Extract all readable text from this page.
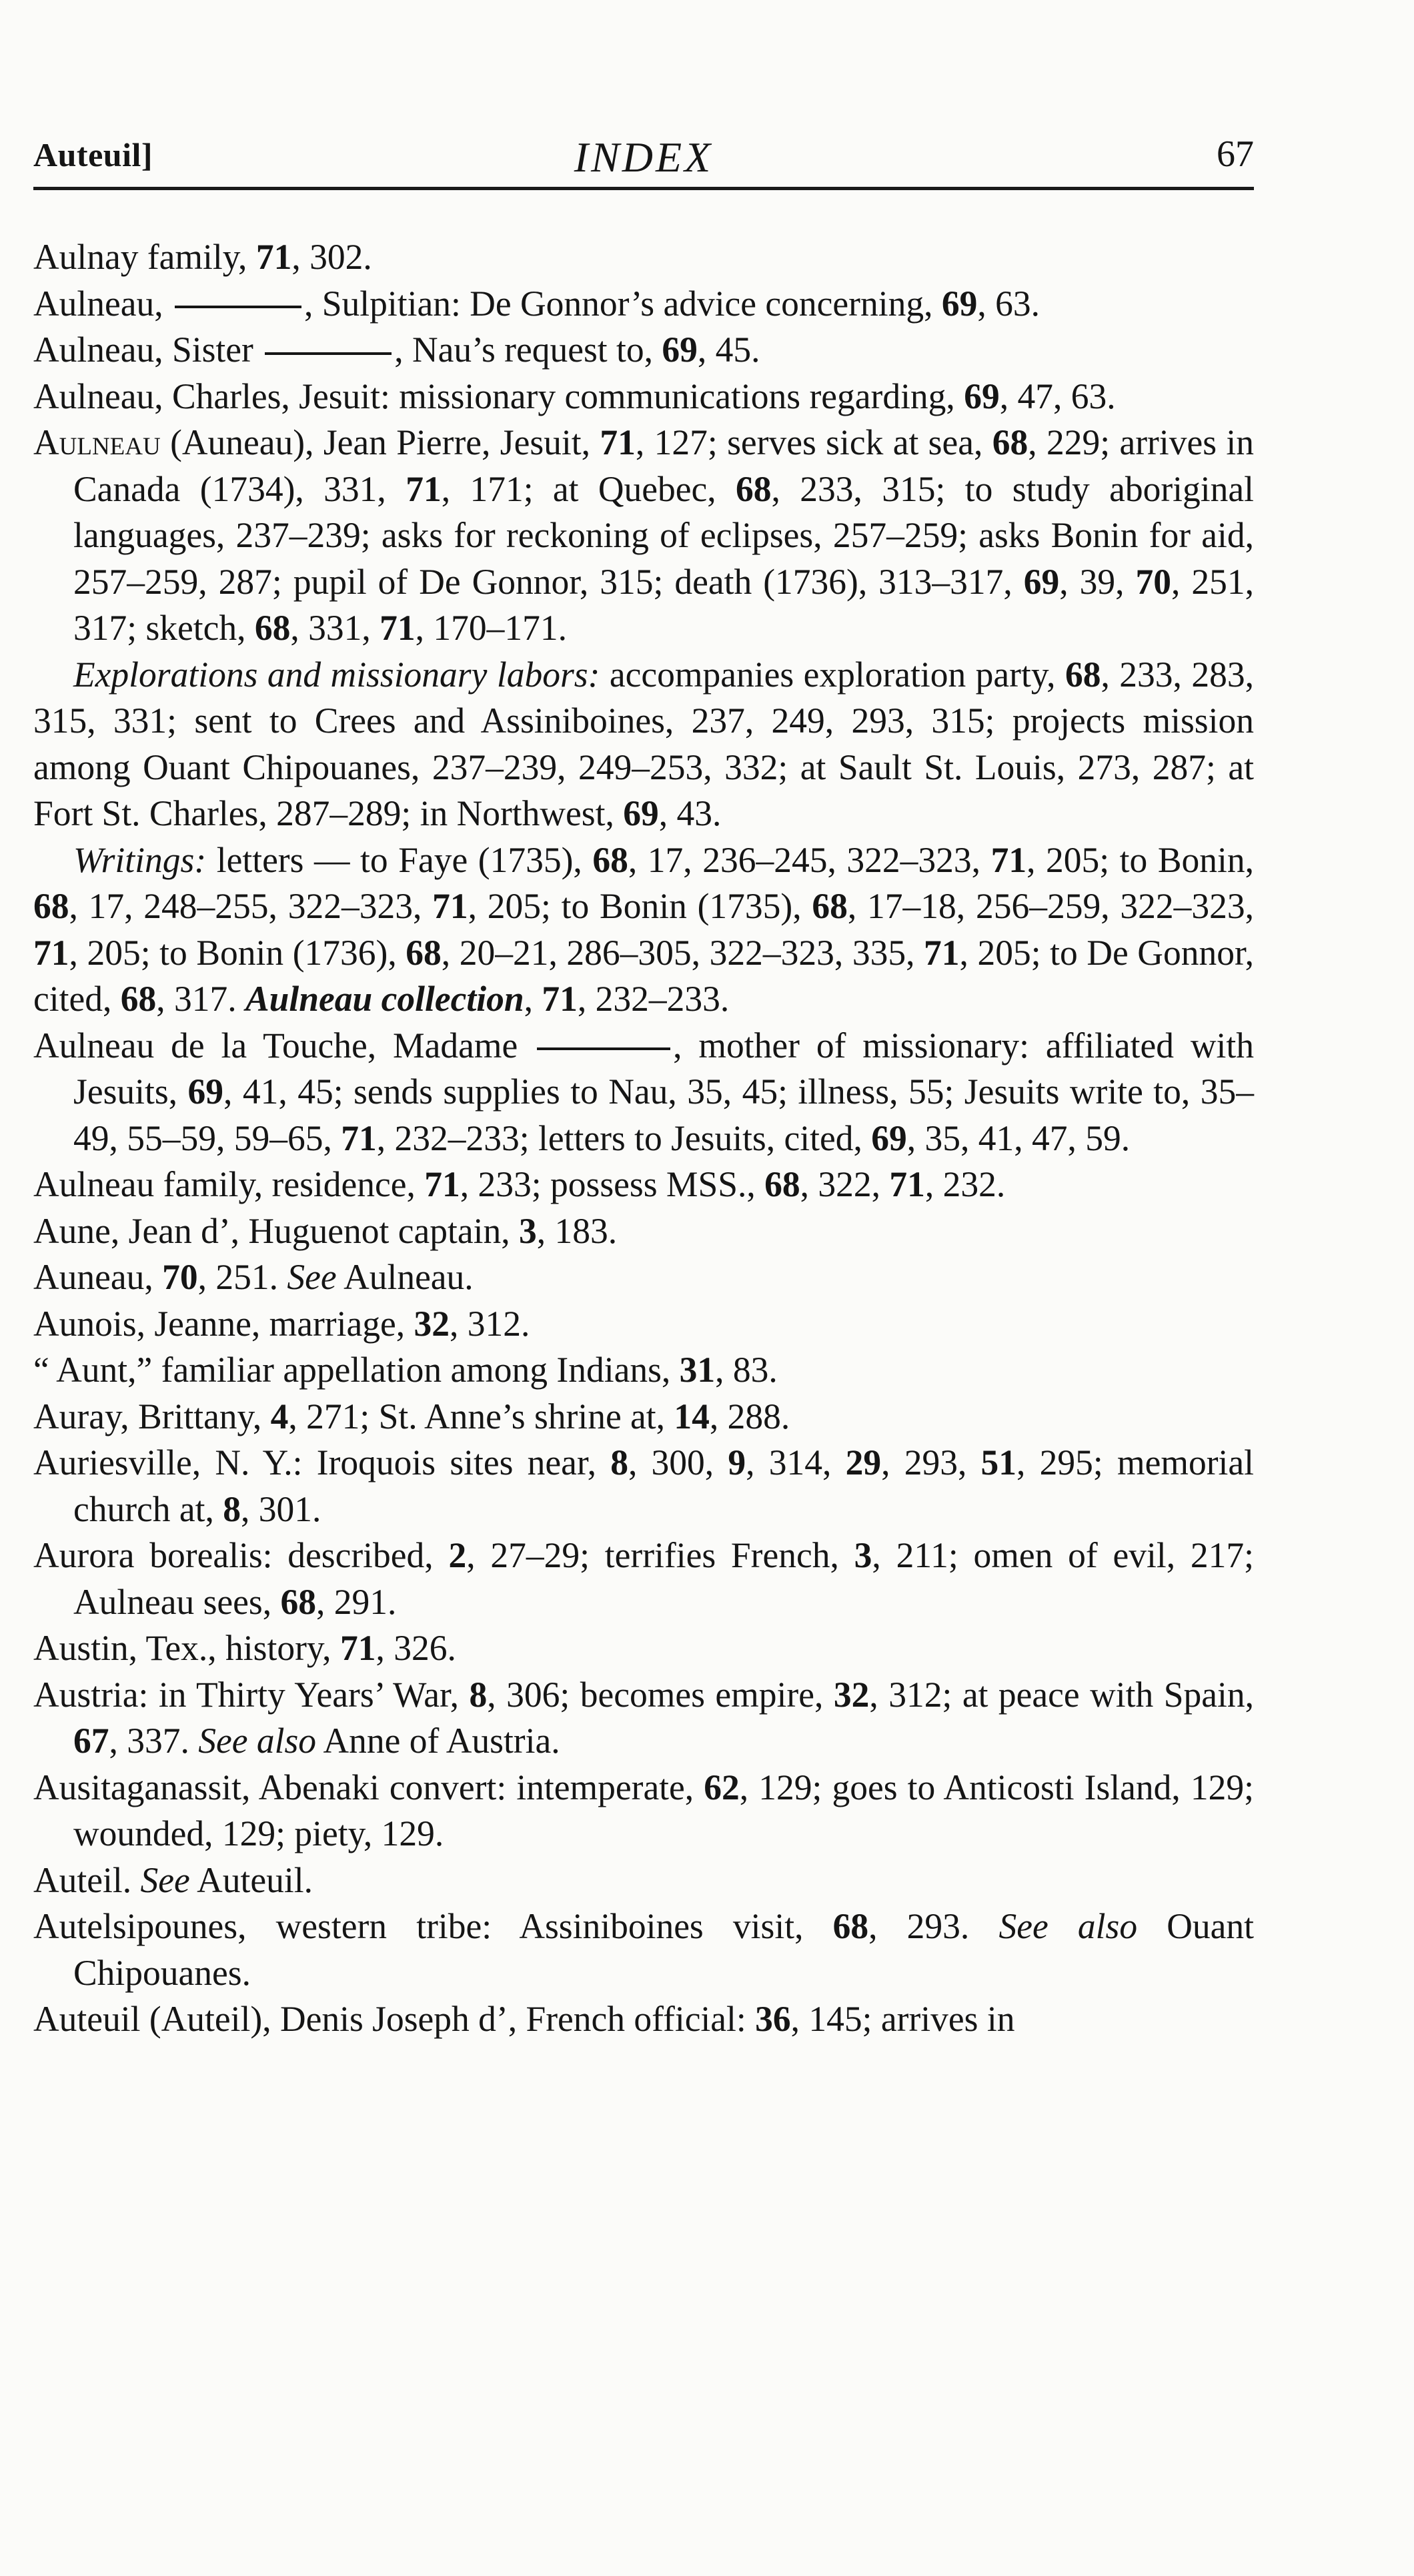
Auteuil]	INDEX	67

Aulnay family, 71, 302.

Aulneau,	, Sulpitian: De Gonnor’s advice concerning, 69, 63.

Aulneau, Sister	, Nau’s request to, 69, 45.

Aulneau, Charles, Jesuit: missionary communications regarding, 69, 47, 63.

Aulneau (Auneau), Jean Pierre, Jesuit, 71, 127; serves sick at sea, 68, 229; arrives in Canada (1734), 331, 71, 171; at Quebec, 68, 233, 315; to study aboriginal languages, 237–239; asks for reckoning of eclipses, 257–259; asks Bonin for aid, 257–259, 287; pupil of De Gonnor, 315; death (1736), 313–317, 69, 39, 70, 251, 317; sketch, 68, 331, 71, 170–171.

Explorations and missionary labors: accompanies exploration party, 68, 233, 283, 315, 331; sent to Crees and Assiniboines, 237, 249, 293, 315; projects mission among Ouant Chipouanes, 237–239, 249–253, 332; at Sault St. Louis, 273, 287; at Fort St. Charles, 287–289; in Northwest, 69, 43.

Writings: letters — to Faye (1735), 68, 17, 236–245, 322–323, 71, 205; to Bonin, 68, 17, 248–255, 322–323, 71, 205; to Bonin (1735), 68, 17–18, 256–259, 322–323, 71, 205; to Bonin (1736), 68, 20–21, 286–305, 322–323, 335, 71, 205; to De Gonnor, cited, 68, 317. Aulneau collection, 71, 232–233.

Aulneau de la Touche, Madame	, mother of missionary: affiliated with Jesuits, 69, 41, 45; sends supplies to Nau, 35, 45; illness, 55; Jesuits write to, 35–49, 55–59, 59–65, 71, 232–233; letters to Jesuits, cited, 69, 35, 41, 47, 59.

Aulneau family, residence, 71, 233; possess MSS., 68, 322, 71, 232.

Aune, Jean d’, Huguenot captain, 3, 183.

Auneau, 70, 251. See Aulneau.

Aunois, Jeanne, marriage, 32, 312.

“ Aunt,” familiar appellation among Indians, 31, 83.

Auray, Brittany, 4, 271; St. Anne’s shrine at, 14, 288.

Auriesville, N. Y.: Iroquois sites near, 8, 300, 9, 314, 29, 293, 51, 295; memorial church at, 8, 301.

Aurora borealis: described, 2, 27–29; terrifies French, 3, 211; omen of evil, 217; Aulneau sees, 68, 291.

Austin, Tex., history, 71, 326.

Austria: in Thirty Years’ War, 8, 306; becomes empire, 32, 312; at peace with Spain, 67, 337. See also Anne of Austria.

Ausitaganassit, Abenaki convert: intemperate, 62, 129; goes to Anticosti Island, 129; wounded, 129; piety, 129.

Auteil. See Auteuil.

Autelsipounes, western tribe: Assiniboines visit, 68, 293. See also Ouant Chipouanes.

Auteuil (Auteil), Denis Joseph d’, French official: 36, 145; arrives in
